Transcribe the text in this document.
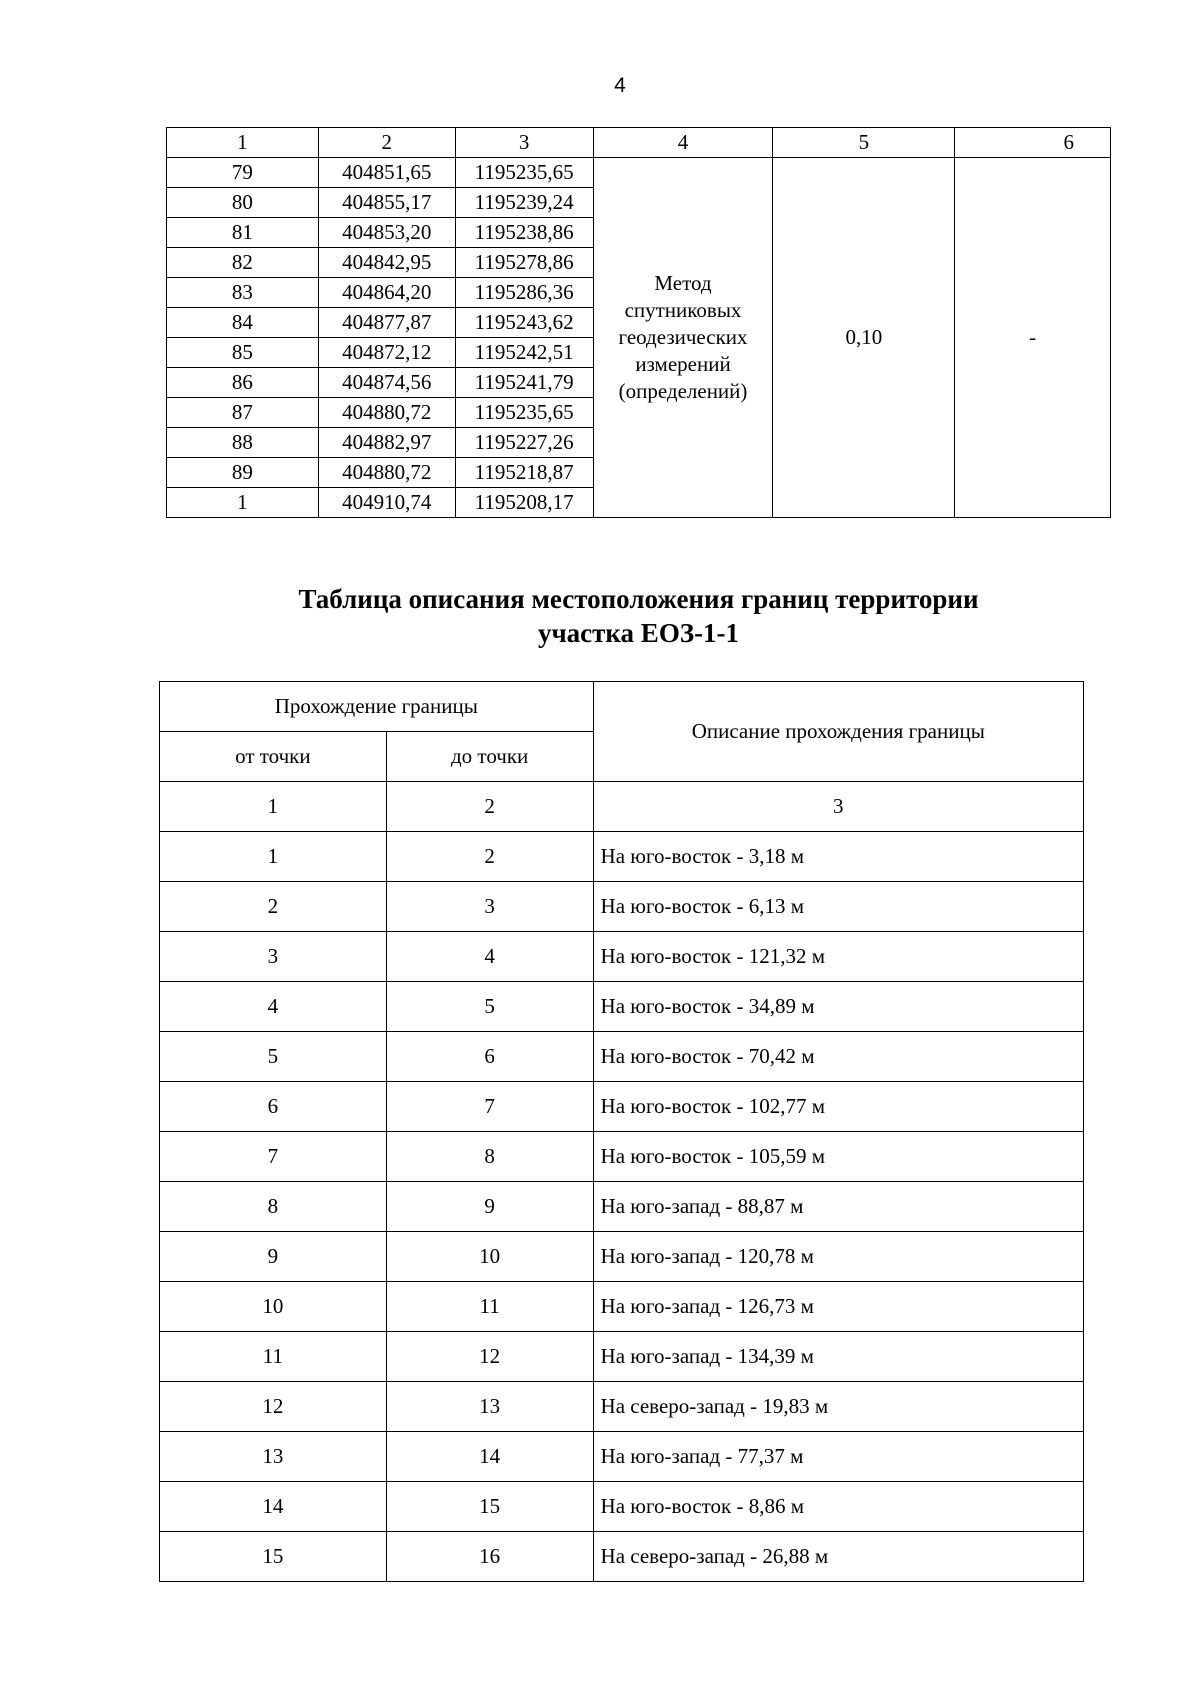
4
1	2	3	4	5	6
79	404851,65	1195235,65	Метод
спутниковых
геодезических
измерений
(определений)	0,10	-
80	404855,17	1195239,24			
81	404853,20	1195238,86			
82	404842,95	1195278,86			
83	404864,20	1195286,36			
84	404877,87	1195243,62			
85	404872,12	1195242,51			
86	404874,56	1195241,79			
87	404880,72	1195235,65			
88	404882,97	1195227,26			
89	404880,72	1195218,87			
1	404910,74	1195208,17			
Таблица описания местоположения границ территории
участка ЕОЗ-1-1
Прохождение границы		Описание прохождения границы
от точки	до точки	
1	2	3
1	2	На юго-восток - 3,18 м
2	3	На юго-восток - 6,13 м
3	4	На юго-восток - 121,32 м
4	5	На юго-восток - 34,89 м
5	6	На юго-восток - 70,42 м
6	7	На юго-восток - 102,77 м
7	8	На юго-восток - 105,59 м
8	9	На юго-запад - 88,87 м
9	10	На юго-запад - 120,78 м
10	11	На юго-запад - 126,73 м
11	12	На юго-запад - 134,39 м
12	13	На северо-запад - 19,83 м
13	14	На юго-запад - 77,37 м
14	15	На юго-восток - 8,86 м
15	16	На северо-запад - 26,88 м
